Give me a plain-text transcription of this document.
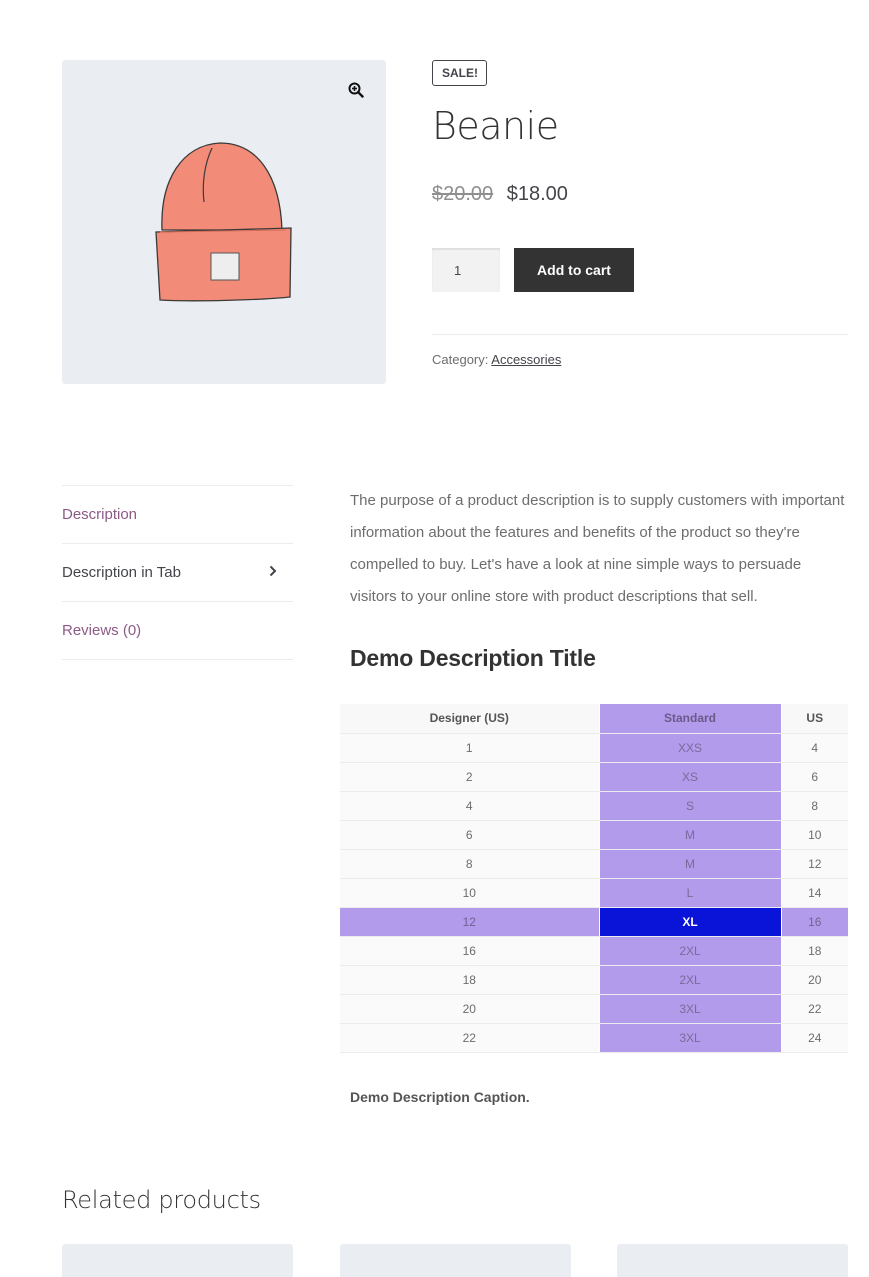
SALE!
Beanie
$20.00 $18.00
1
Add to cart
Category: Accessories
Description
Description in Tab
Reviews (0)

The purpose of a product description is to supply customers with important information about the features and benefits of the product so they're compelled to buy. Let's have a look at nine simple ways to persuade visitors to your online store with product descriptions that sell.

Demo Description Title
Designer (US)	Standard	US
1	XXS	4
2	XS	6
4	S	8
6	M	10
8	M	12
10	L	14
12	XL	16
16	2XL	18
18	2XL	20
20	3XL	22
22	3XL	24

Demo Description Caption.

Related products
